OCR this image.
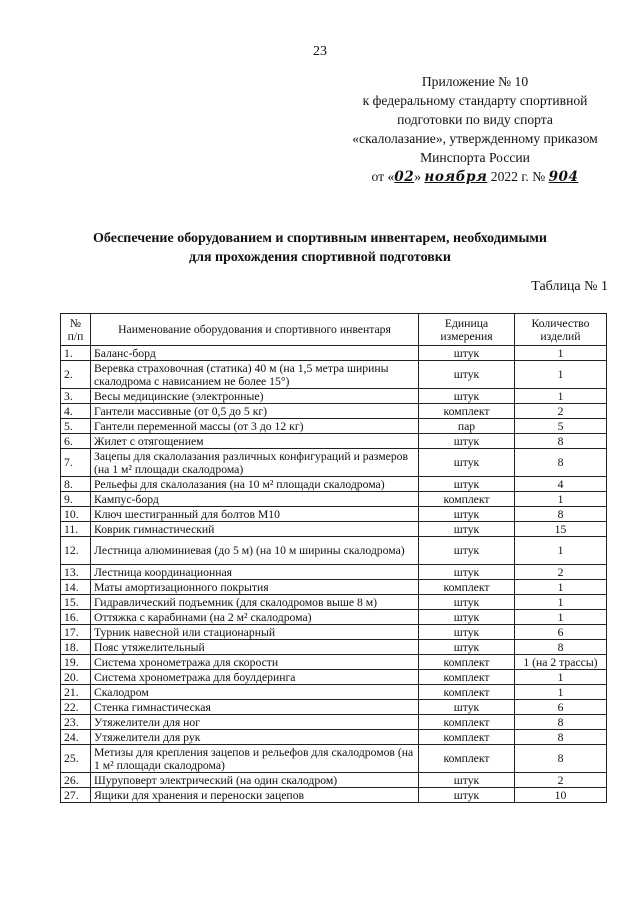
23
Приложение № 10
к федеральному стандарту спортивной
подготовки по виду спорта
«скалолазание», утвержденному приказом
Минспорта России
от «02» ноября 2022 г. № 904
Обеспечение оборудованием и спортивным инвентарем, необходимыми
для прохождения спортивной подготовки
Таблица № 1
№ п/п	Наименование оборудования и спортивного инвентаря	Единица измерения	Количество изделий
1.	Баланс-борд	штук	1
2.	Веревка страховочная (статика) 40 м (на 1,5 метра ширины скалодрома с нависанием не более 15°)	штук	1
3.	Весы медицинские (электронные)	штук	1
4.	Гантели массивные (от 0,5 до 5 кг)	комплект	2
5.	Гантели переменной массы (от 3 до 12 кг)	пар	5
6.	Жилет с отягощением	штук	8
7.	Зацепы для скалолазания различных конфигураций и размеров (на 1 м² площади скалодрома)	штук	8
8.	Рельефы для скалолазания (на 10 м² площади скалодрома)	штук	4
9.	Кампус-борд	комплект	1
10.	Ключ шестигранный для болтов М10	штук	8
11.	Коврик гимнастический	штук	15
12.	Лестница алюминиевая (до 5 м) (на 10 м ширины скалодрома)	штук	1
13.	Лестница координационная	штук	2
14.	Маты амортизационного покрытия	комплект	1
15.	Гидравлический подъемник (для скалодромов выше 8 м)	штук	1
16.	Оттяжка с карабинами (на 2 м² скалодрома)	штук	1
17.	Турник навесной или стационарный	штук	6
18.	Пояс утяжелительный	штук	8
19.	Система хронометража для скорости	комплект	1 (на 2 трассы)
20.	Система хронометража для боулдеринга	комплект	1
21.	Скалодром	комплект	1
22.	Стенка гимнастическая	штук	6
23.	Утяжелители для ног	комплект	8
24.	Утяжелители для рук	комплект	8
25.	Метизы для крепления зацепов и рельефов для скалодромов (на 1 м² площади скалодрома)	комплект	8
26.	Шуруповерт электрический (на один скалодром)	штук	2
27.	Ящики для хранения и переноски зацепов	штук	10
